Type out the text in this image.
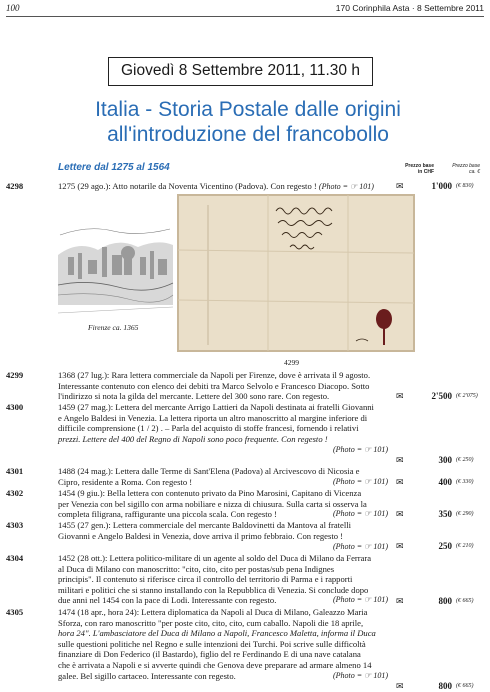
100	170 Corinphila Asta · 8 Settembre 2011
Giovedì 8 Settembre 2011, 11.30 h
Italia - Storia Postale dalle origini
all'introduzione del francobollo
Lettere dal 1275 al 1564	Prezzo base
in CHF
Prezzo base
ca. €
4298	1275 (29 ago.): Atto notarile da Noventa Vicentino (Padova). Con regesto ! (Photo = ☞ 101)	✉	1'000 (€ 830)
Firenze ca. 1365
4299
4299	1368 (27 lug.): Rara lettera commerciale da Napoli per Firenze, dove è arrivata il 9 agosto.
Interessante contenuto con elenco dei debiti tra Marco Selvolo e Francesco Diacopo. Sotto
l'indirizzo si nota la gilda del mercante. Lettere del 300 sono rare. Con regesto.	✉	2'500 (€ 2'075)
4300	1459 (27 mag.): Lettera del mercante Arrigo Lattieri da Napoli destinata ai fratelli Giovanni
e Angelo Baldesi in Venezia. La lettera riporta un altro manoscritto al margine inferiore di
difficile comprensione (1 / 2) . – Parla del acquisto di stoffe francesi, fornendo i relativi
prezzi. Lettere del 400 del Regno di Napoli sono poco frequente. Con regesto !
(Photo = ☞ 101)
✉	300 (€ 250)
4301	1488 (24 mag.): Lettera dalle Terme di Sant'Elena (Padova) al Arcivescovo di Nicosia e
Cipro, residente a Roma. Con regesto !	(Photo = ☞ 101) ✉	400 (€ 330)
4302	1454 (9 giu.): Bella lettera con contenuto privato da Pino Marosini, Capitano di Vicenza
per Venezia con bel sigillo con arma nobiliare e nizza di chiusura. Sulla carta si osserva la
completa filigrana, raffigurante una piccola scala. Con regesto !	(Photo = ☞ 101) ✉	350 (€ 290)
4303	1455 (27 gen.): Lettera commerciale del mercante Baldovinetti da Mantova al fratelli
Giovanni e Angelo Baldesi in Venezia, dove arriva il primo febbraio. Con regesto !
(Photo = ☞ 101) ✉	250 (€ 210)
4304	1452 (28 ott.): Lettera politico-militare di un agente al soldo del Duca di Milano da Ferrara
al Duca di Milano con manoscritto: "cito, cito, cito per postas/sub pena Indignes
principis". Il contenuto si riferisce circa il controllo del territorio di Parma e i rapporti
militari e politici che si stanno installando con la Repubblica di Venezia. Si conclude dopo
due anni nel 1454 con la pace di Lodi. Interessante con regesto.	(Photo = ☞ 101) ✉	800 (€ 665)
4305	1474 (18 apr., hora 24): Lettera diplomatica da Napoli al Duca di Milano, Galeazzo Maria
Sforza, con raro manoscritto "per poste cito, cito, cito, cum caballo. Napoli die 18 aprile,
hora 24". L'ambasciatore del Duca di Milano a Napoli, Francesco Maletta, informa il Duca
sulle questioni politiche nel Regno e sulle intenzioni dei Turchi. Poi scrive sulle difficoltà
finanziare di Don Federico (il Bastardo), figlio del re Ferdinando E di una nave catalana
che è arrivata a Napoli e si avverte quindi che Genova deve preparare ad armare almeno 14
galee. Bel sigillo cartaceo. Interessante con regesto.	(Photo = ☞ 101)
✉	800 (€ 665)
